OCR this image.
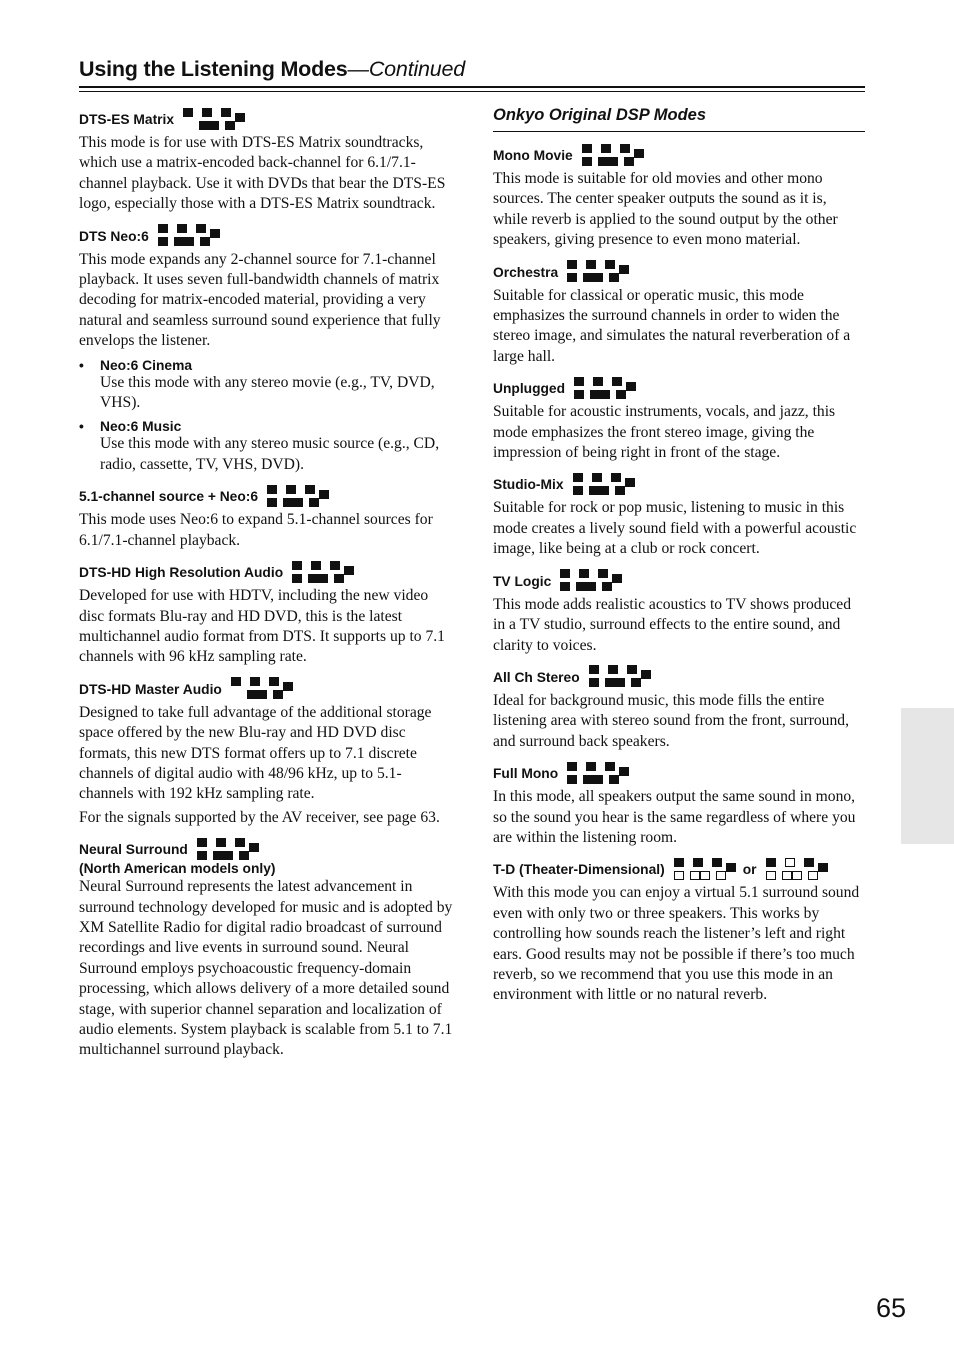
Using the Listening Modes—Continued
DTS-ES Matrix

This mode is for use with DTS-ES Matrix soundtracks, which use a matrix-encoded back-channel for 6.1/7.1-channel playback. Use it with DVDs that bear the DTS-ES logo, especially those with a DTS-ES Matrix soundtrack.

DTS Neo:6

This mode expands any 2-channel source for 7.1-channel playback. It uses seven full-bandwidth channels of matrix decoding for matrix-encoded material, providing a very natural and seamless surround sound experience that fully envelops the listener.

•	Neo:6 Cinema

Use this mode with any stereo movie (e.g., TV, DVD, VHS).

•	Neo:6 Music

Use this mode with any stereo music source (e.g., CD, radio, cassette, TV, VHS, DVD).

5.1-channel source + Neo:6

This mode uses Neo:6 to expand 5.1-channel sources for 6.1/7.1-channel playback.

DTS-HD High Resolution Audio

Developed for use with HDTV, including the new video disc formats Blu-ray and HD DVD, this is the latest multichannel audio format from DTS. It supports up to 7.1 channels with 96 kHz sampling rate.

DTS-HD Master Audio

Designed to take full advantage of the additional storage space offered by the new Blu-ray and HD DVD disc formats, this new DTS format offers up to 7.1 discrete channels of digital audio with 48/96 kHz, up to 5.1-channels with 192 kHz sampling rate.

For the signals supported by the AV receiver, see page 63.

Neural Surround
(North American models only)

Neural Surround represents the latest advancement in surround technology developed for music and is adopted by XM Satellite Radio for digital radio broadcast of surround recordings and live events in surround sound. Neural Surround employs psychoacoustic frequency-domain processing, which allows delivery of a more detailed sound stage, with superior channel separation and localization of audio elements. System playback is scalable from 5.1 to 7.1 multichannel surround playback.

Onkyo Original DSP Modes
Mono Movie

This mode is suitable for old movies and other mono sources. The center speaker outputs the sound as it is, while reverb is applied to the sound output by the other speakers, giving presence to even mono material.

Orchestra

Suitable for classical or operatic music, this mode emphasizes the surround channels in order to widen the stereo image, and simulates the natural reverberation of a large hall.

Unplugged

Suitable for acoustic instruments, vocals, and jazz, this mode emphasizes the front stereo image, giving the impression of being right in front of the stage.

Studio-Mix

Suitable for rock or pop music, listening to music in this mode creates a lively sound field with a powerful acoustic image, like being at a club or rock concert.

TV Logic

This mode adds realistic acoustics to TV shows produced in a TV studio, surround effects to the entire sound, and clarity to voices.

All Ch Stereo

Ideal for background music, this mode fills the entire listening area with stereo sound from the front, surround, and surround back speakers.

Full Mono

In this mode, all speakers output the same sound in mono, so the sound you hear is the same regardless of where you are within the listening room.

T-D (Theater-Dimensional)	or

With this mode you can enjoy a virtual 5.1 surround sound even with only two or three speakers. This works by controlling how sounds reach the listener’s left and right ears. Good results may not be possible if there’s too much reverb, so we recommend that you use this mode in an environment with little or no natural reverb.

65
